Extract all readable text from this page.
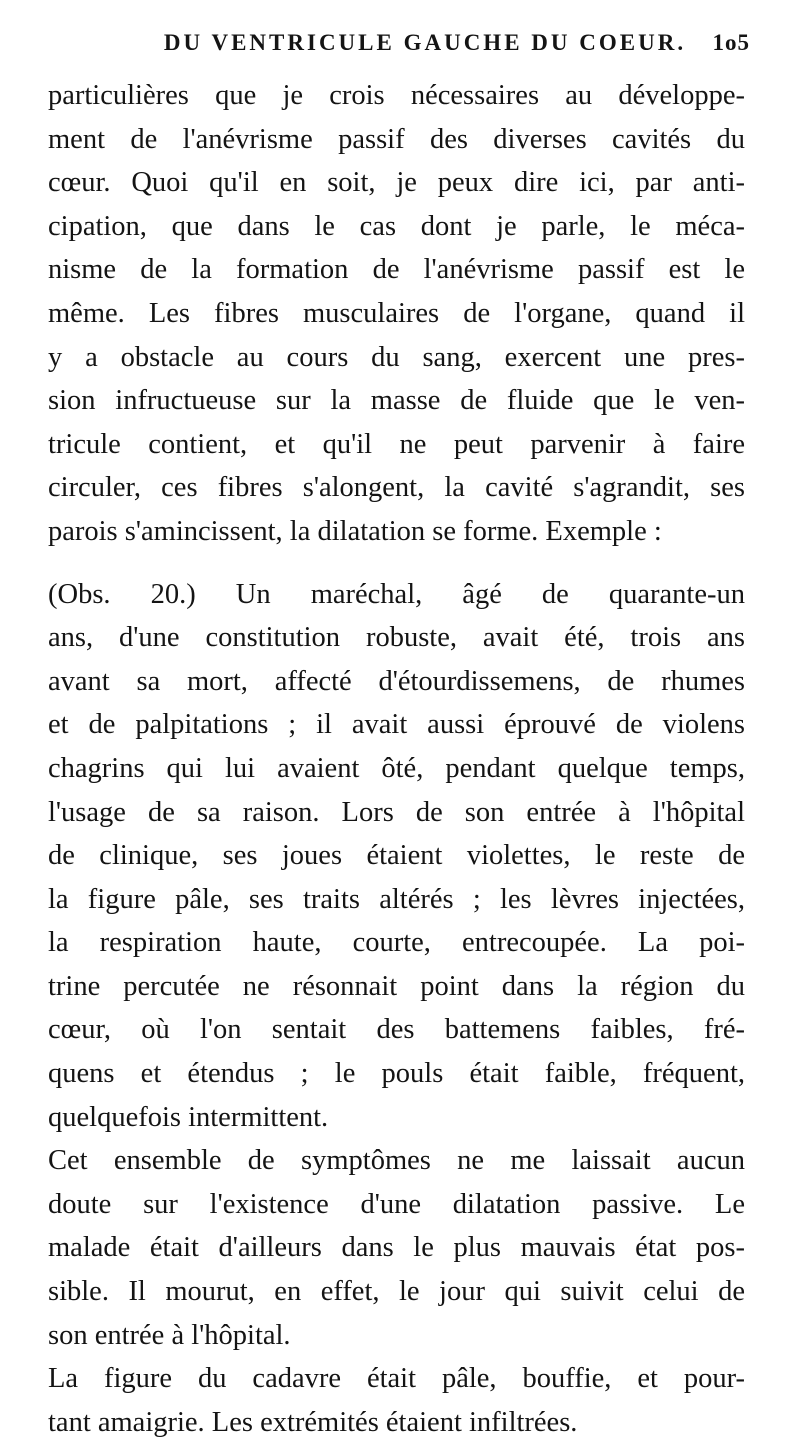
DU VENTRICULE GAUCHE DU COEUR. 1o5
particulières que je crois nécessaires au développe-
ment de l'anévrisme passif des diverses cavités du
cœur. Quoi qu'il en soit, je peux dire ici, par anti-
cipation, que dans le cas dont je parle, le méca-
nisme de la formation de l'anévrisme passif est le
même. Les fibres musculaires de l'organe, quand il
y a obstacle au cours du sang, exercent une pres-
sion infructueuse sur la masse de fluide que le ven-
tricule contient, et qu'il ne peut parvenir à faire
circuler, ces fibres s'alongent, la cavité s'agrandit, ses
parois s'amincissent, la dilatation se forme. Exemple :
(Obs. 20.) Un maréchal, âgé de quarante-un
ans, d'une constitution robuste, avait été, trois ans
avant sa mort, affecté d'étourdissemens, de rhumes
et de palpitations ; il avait aussi éprouvé de violens
chagrins qui lui avaient ôté, pendant quelque temps,
l'usage de sa raison. Lors de son entrée à l'hôpital
de clinique, ses joues étaient violettes, le reste de
la figure pâle, ses traits altérés ; les lèvres injectées,
la respiration haute, courte, entrecoupée. La poi-
trine percutée ne résonnait point dans la région du
cœur, où l'on sentait des battemens faibles, fré-
quens et étendus ; le pouls était faible, fréquent,
quelquefois intermittent.
Cet ensemble de symptômes ne me laissait aucun
doute sur l'existence d'une dilatation passive. Le
malade était d'ailleurs dans le plus mauvais état pos-
sible. Il mourut, en effet, le jour qui suivit celui de
son entrée à l'hôpital.
La figure du cadavre était pâle, bouffie, et pour-
tant amaigrie. Les extrémités étaient infiltrées.
